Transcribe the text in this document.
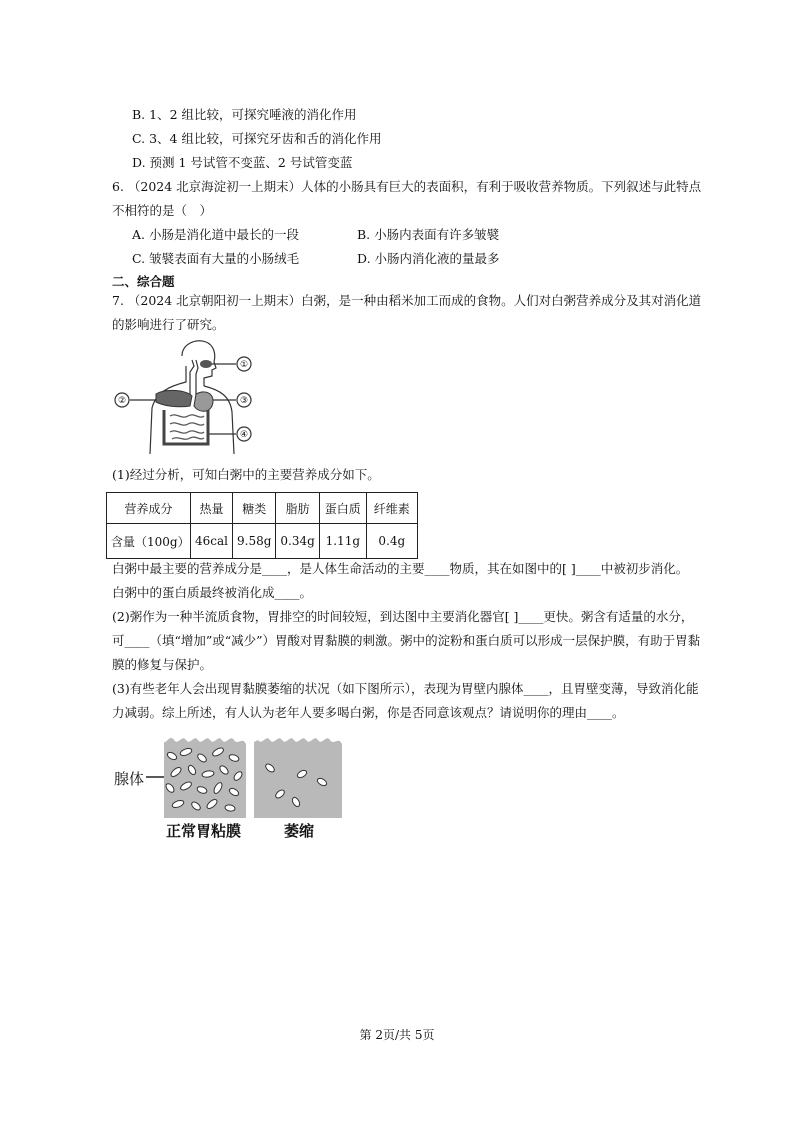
B. 1、2 组比较，可探究唾液的消化作用
C. 3、4 组比较，可探究牙齿和舌的消化作用
D. 预测 1 号试管不变蓝、2 号试管变蓝
6. （2024 北京海淀初一上期末）人体的小肠具有巨大的表面积，有利于吸收营养物质。下列叙述与此特点
不相符的是（　）
A. 小肠是消化道中最长的一段	B. 小肠内表面有许多皱襞
C. 皱襞表面有大量的小肠绒毛	D. 小肠内消化液的量最多
二、综合题
7. （2024 北京朝阳初一上期末）白粥，是一种由稻米加工而成的食物。人们对白粥营养成分及其对消化道
的影响进行了研究。
①
②	③
④
(1)经过分析，可知白粥中的主要营养成分如下。
营养成分	热量	糖类	脂肪	蛋白质	纤维素
含量（100g）	46cal	9.58g	0.34g	1.11g	0.4g
白粥中最主要的营养成分是____，是人体生命活动的主要____物质，其在如图中的[ ]____中被初步消化。
白粥中的蛋白质最终被消化成____。
(2)粥作为一种半流质食物，胃排空的时间较短，到达图中主要消化器官[ ]____更快。粥含有适量的水分，
可____（填“增加”或“减少”）胃酸对胃黏膜的刺激。粥中的淀粉和蛋白质可以形成一层保护膜，有助于胃黏
膜的修复与保护。
(3)有些老年人会出现胃黏膜萎缩的状况（如下图所示），表现为胃壁内腺体____，且胃壁变薄，导致消化能
力减弱。综上所述，有人认为老年人要多喝白粥，你是否同意该观点？请说明你的理由____。
腺体
正常胃粘膜	萎缩
第 2页/共 5页
